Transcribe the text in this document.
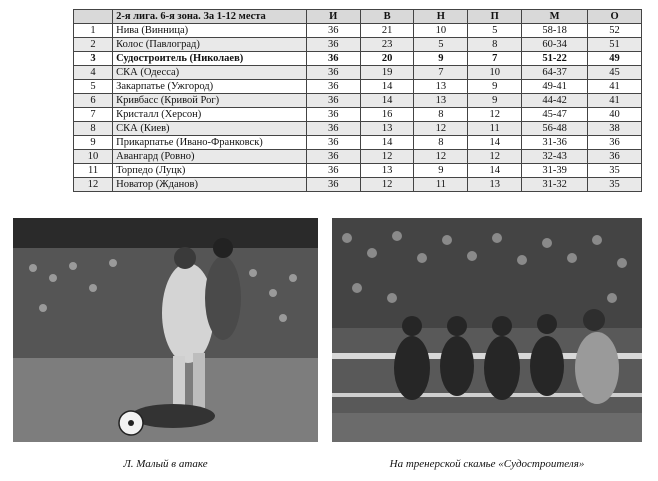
	2-я лига. 6-я зона. За 1-12 места	И	В	Н	П	М	О
1	Нива (Винница)	36	21	10	5	58-18	52
2	Колос (Павлоград)	36	23	5	8	60-34	51
3	Судостроитель (Николаев)	36	20	9	7	51-22	49
4	СКА (Одесса)	36	19	7	10	64-37	45
5	Закарпатье (Ужгород)	36	14	13	9	49-41	41
6	Кривбасс (Кривой Рог)	36	14	13	9	44-42	41
7	Кристалл (Херсон)	36	16	8	12	45-47	40
8	СКА (Киев)	36	13	12	11	56-48	38
9	Прикарпатье (Ивано-Франковск)	36	14	8	14	31-36	36
10	Авангард (Ровно)	36	12	12	12	32-43	36
11	Торпедо (Луцк)	36	13	9	14	31-39	35
12	Новатор (Жданов)	36	12	11	13	31-32	35
Л. Малый в атаке	На тренерской скамье «Судостроителя»
